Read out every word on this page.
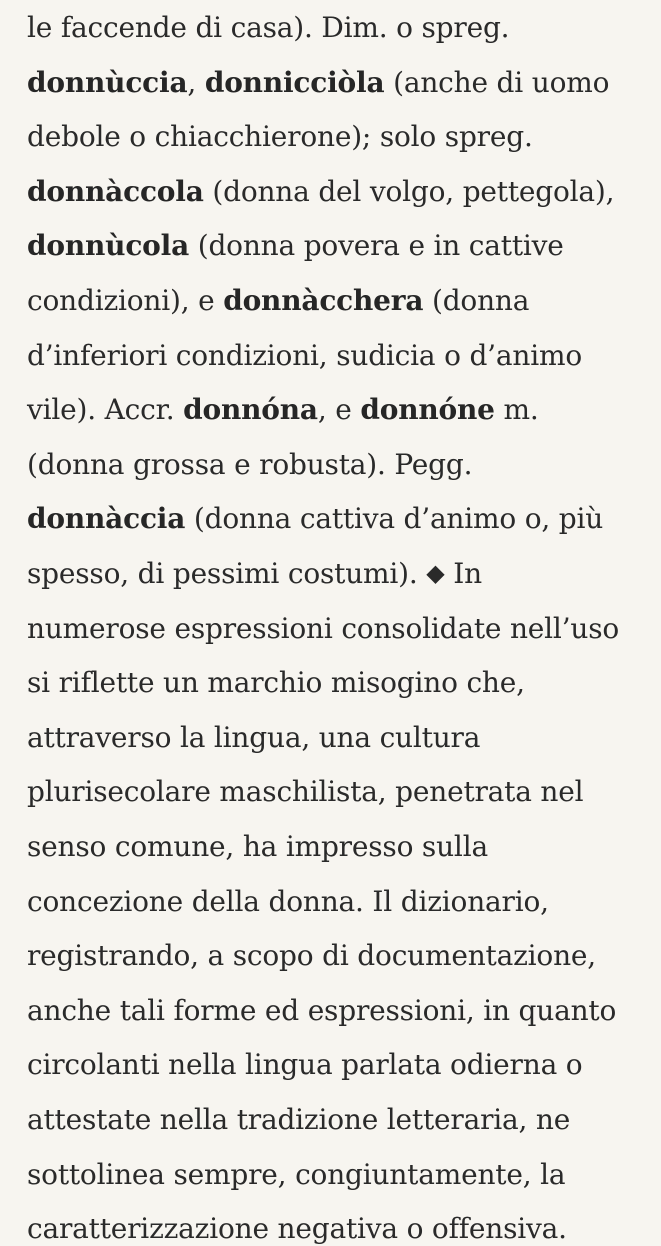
le faccende di casa). Dim. o spreg.
donnùccia, donnicciòla (anche di uomo
debole o chiacchierone); solo spreg.
donnàccola (donna del volgo, pettegola),
donnùcola (donna povera e in cattive
condizioni), e donnàcchera (donna
d’inferiori condizioni, sudicia o d’animo
vile). Accr. donnóna, e donnóne m.
(donna grossa e robusta). Pegg.
donnàccia (donna cattiva d’animo o, più
spesso, di pessimi costumi). ◆ In
numerose espressioni consolidate nell’uso
si riflette un marchio misogino che,
attraverso la lingua, una cultura
plurisecolare maschilista, penetrata nel
senso comune, ha impresso sulla
concezione della donna. Il dizionario,
registrando, a scopo di documentazione,
anche tali forme ed espressioni, in quanto
circolanti nella lingua parlata odierna o
attestate nella tradizione letteraria, ne
sottolinea sempre, congiuntamente, la
caratterizzazione negativa o offensiva.
